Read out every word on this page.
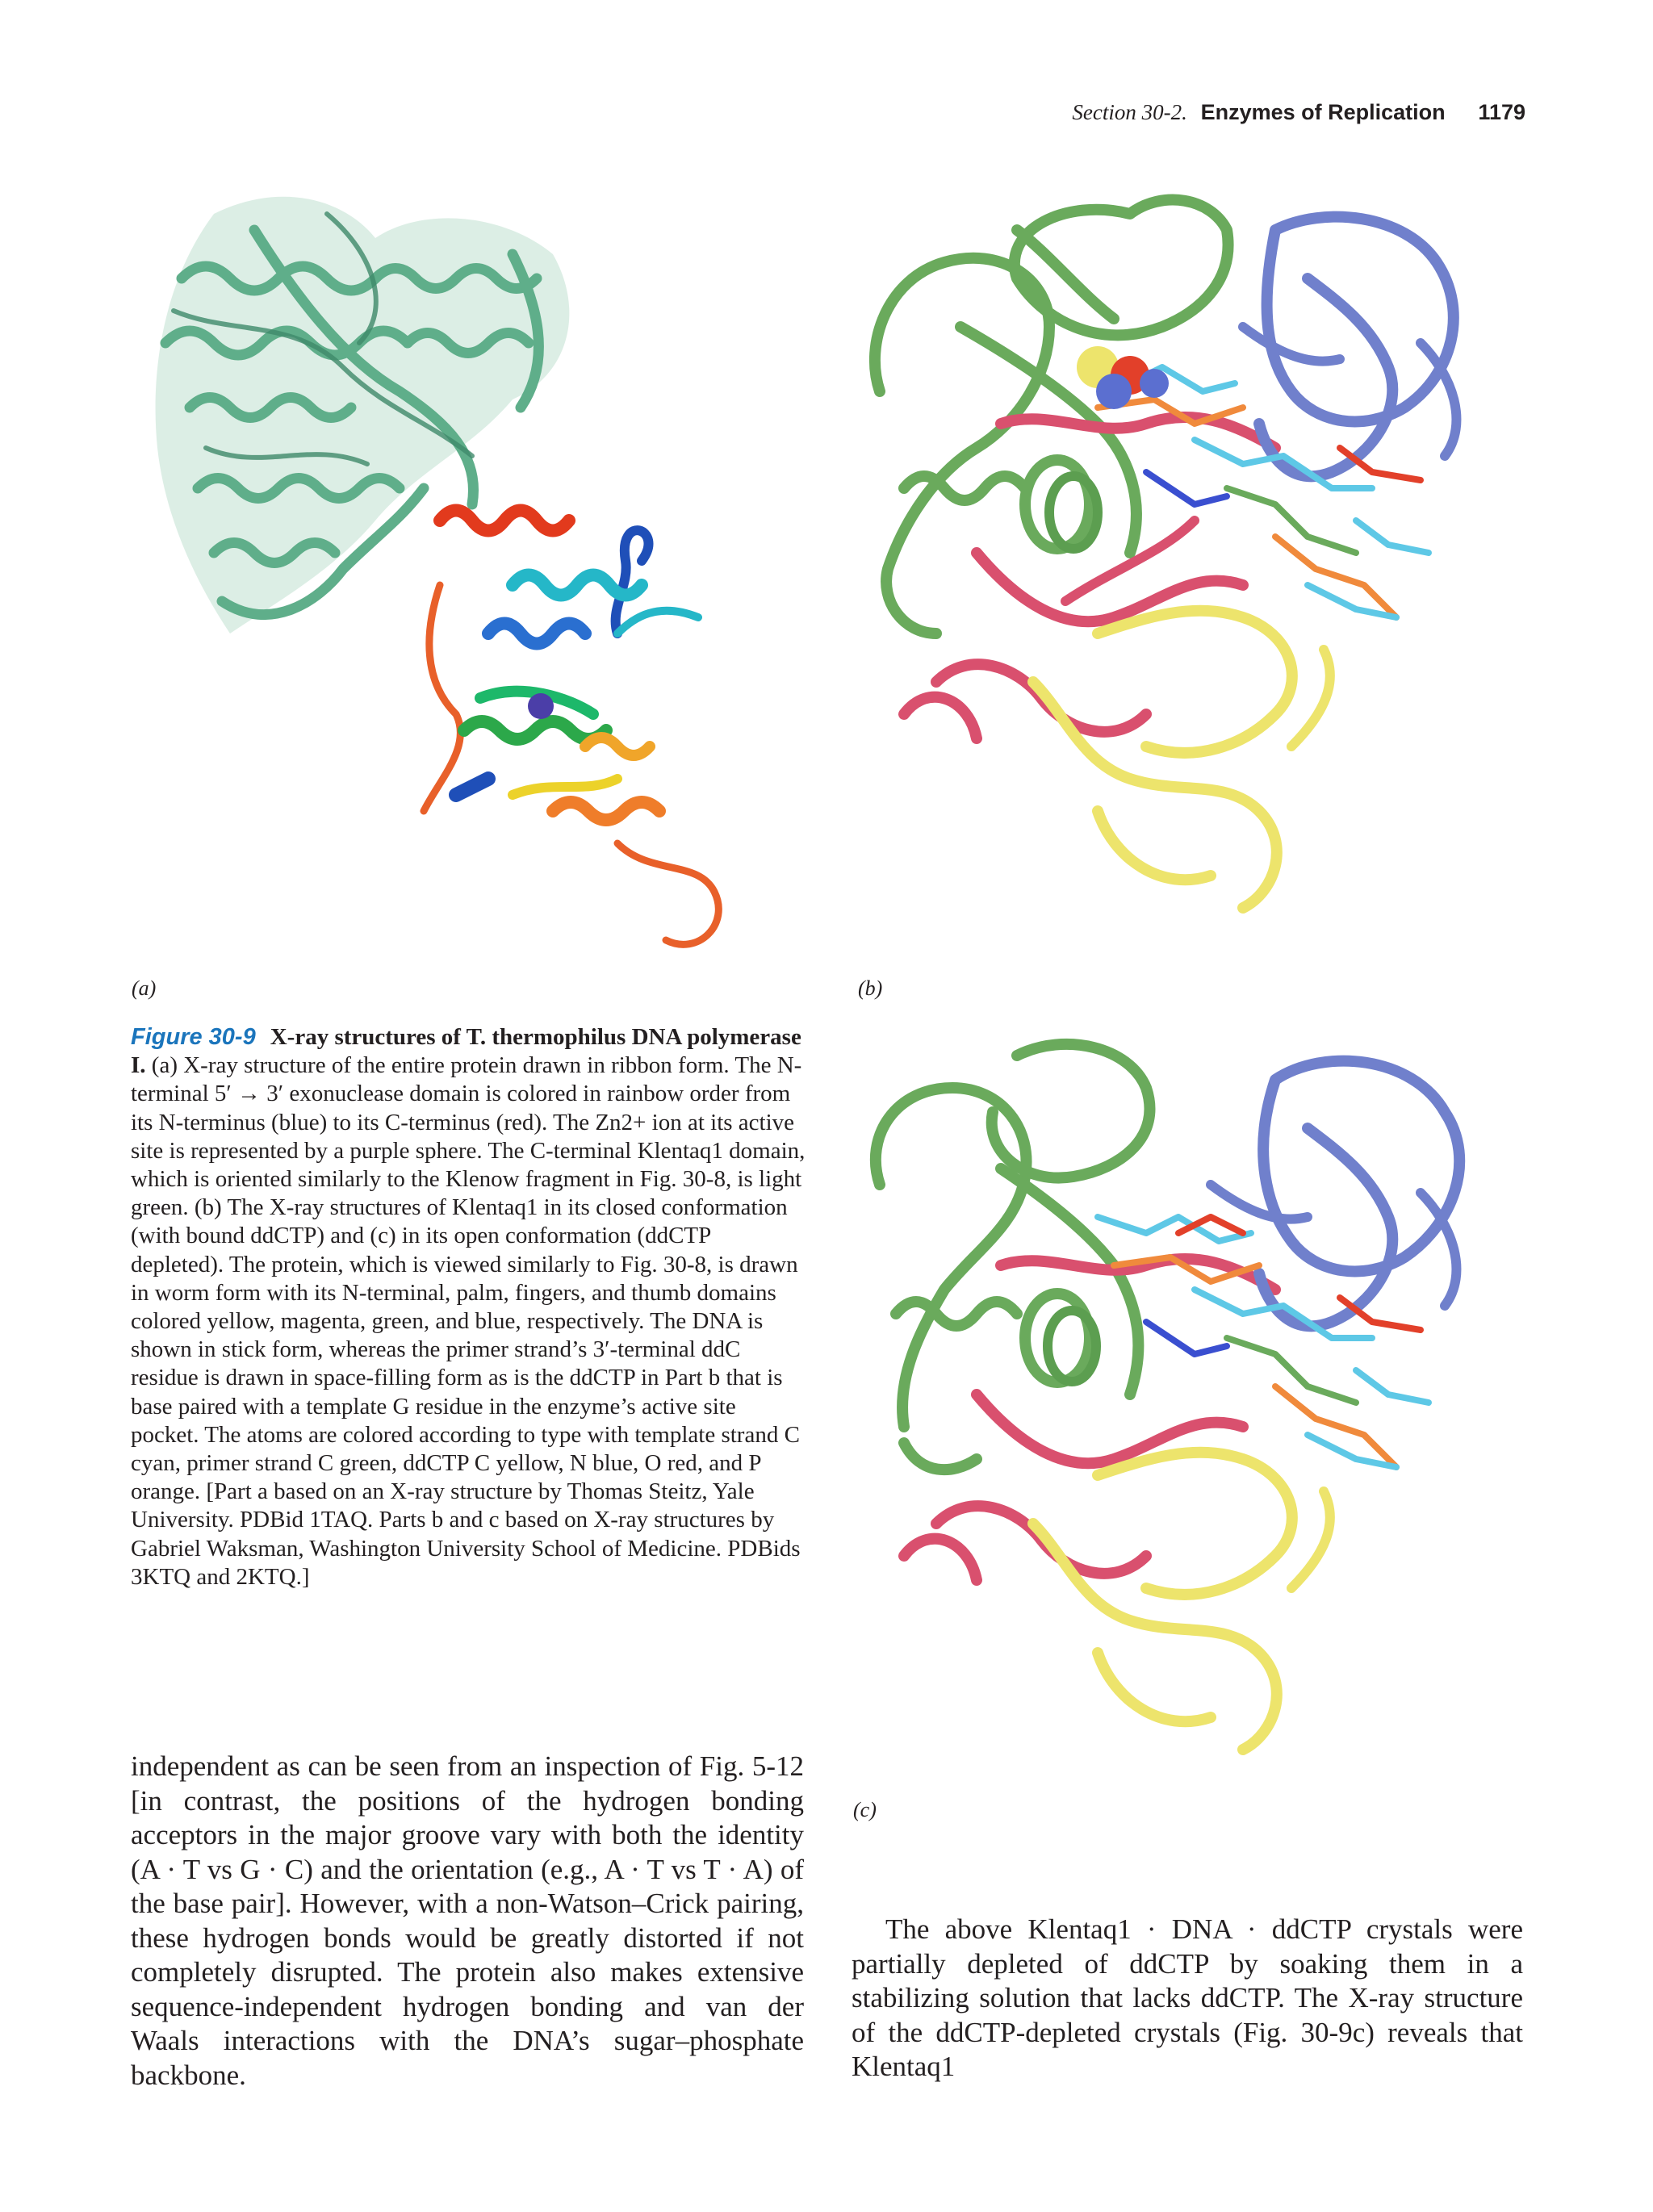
Section 30-2. Enzymes of Replication 1179
(a)	(b)
(c)
Figure 30-9 X-ray structures of T. thermophilus DNA polymerase I. (a) X-ray structure of the entire protein drawn in ribbon form. The N-terminal 5′ → 3′ exonuclease domain is colored in rainbow order from its N-terminus (blue) to its C-terminus (red). The Zn2+ ion at its active site is represented by a purple sphere. The C-terminal Klentaq1 domain, which is oriented similarly to the Klenow fragment in Fig. 30-8, is light green. (b) The X-ray structures of Klentaq1 in its closed conformation (with bound ddCTP) and (c) in its open conformation (ddCTP depleted). The protein, which is viewed similarly to Fig. 30-8, is drawn in worm form with its N-terminal, palm, fingers, and thumb domains colored yellow, magenta, green, and blue, respectively. The DNA is shown in stick form, whereas the primer strand’s 3′-terminal ddC residue is drawn in space-filling form as is the ddCTP in Part b that is base paired with a template G residue in the enzyme’s active site pocket. The atoms are colored according to type with template strand C cyan, primer strand C green, ddCTP C yellow, N blue, O red, and P orange. [Part a based on an X-ray structure by Thomas Steitz, Yale University. PDBid 1TAQ. Parts b and c based on X-ray structures by Gabriel Waksman, Washington University School of Medicine. PDBids 3KTQ and 2KTQ.]
independent as can be seen from an inspection of Fig. 5-12 [in contrast, the positions of the hydrogen bonding acceptors in the major groove vary with both the identity (A · T vs G · C) and the orientation (e.g., A · T vs T · A) of the base pair]. However, with a non-Watson–Crick pairing, these hydrogen bonds would be greatly distorted if not completely disrupted. The protein also makes extensive sequence-independent hydrogen bonding and van der Waals interactions with the DNA’s sugar–phosphate backbone.
The above Klentaq1 · DNA · ddCTP crystals were partially depleted of ddCTP by soaking them in a stabilizing solution that lacks ddCTP. The X-ray structure of the ddCTP-depleted crystals (Fig. 30-9c) reveals that Klentaq1
